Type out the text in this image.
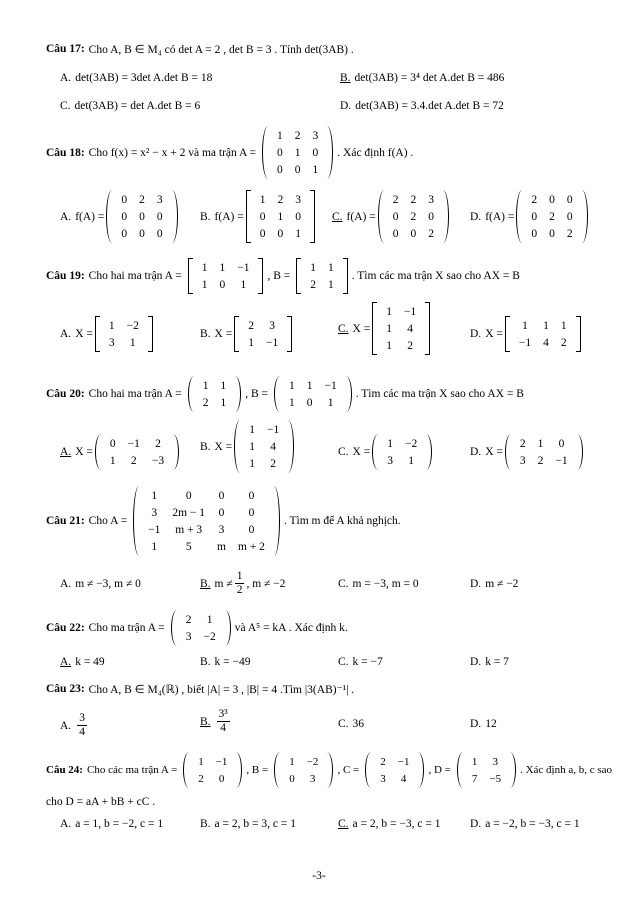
Câu 17: Cho A, B ∈ M₄ có det A = 2 , det B = 3 . Tính det(3AB) .
A. det(3AB) = 3det A.det B = 18	B. det(3AB) = 3⁴ det A.det B = 486
C. det(3AB) = det A.det B = 6	D. det(3AB) = 3.4.det A.det B = 72
Câu 18: Cho f(x) = x² − x + 2 và ma trận A =
1	2	3
0	1	0
0	0	1
. Xác định f(A) .
A. f(A) =
0	2	3
0	0	0
0	0	0
B. f(A) =
1	2	3
0	1	0
0	0	1
C. f(A) =
2	2	3
0	2	0
0	0	2
D. f(A) =
2	0	0
0	2	0
0	0	2
Câu 19: Cho hai ma trận A =
1	1	−1
1	0	1
, B =
1	1
2	1
. Tìm các ma trận X sao cho AX = B
A. X =
1	−2
3	1
B. X =
2	3
1	−1
C. X =
1	−1
1	4
1	2
D. X =
1	1	1
−1	4	2
Câu 20: Cho hai ma trận A =
1	1
2	1
, B =
1	1	−1
1	0	1
. Tìm các ma trận X sao cho AX = B
A. X =
0	−1	2
1	2	−3
B. X =
1	−1
1	4
1	2
C. X =
1	−2
3	1
D. X =
2	1	0
3	2	−1
Câu 21: Cho A =
1	0	0	0
3	2m − 1	0	0
−1	m + 3	3	0
1	5	m	m + 2
. Tìm m để A khả nghịch.
A. m ≠ −3, m ≠ 0	B. $m \ne \frac{1}{2}$ , m ≠ −2	C. m = −3, m = 0	D. m ≠ −2
Câu 22: Cho ma trận A =
2	1
3	−2
và A⁵ = kA . Xác định k.
A. k = 49	B. k = −49	C. k = −7	D. k = 7
Câu 23: Cho A, B ∈ M₄(ℝ) , biết |A| = 3 , |B| = 4 .Tìm |3(AB)⁻¹| .
A. $\frac{3}{4}$	B. $\frac{\text{3³}}{4}$	C. 36	D. 12
Câu 24: Cho các ma trận A =
1	−1
2	0
, B =
1	−2
0	3
, C =
2	−1
3	4
, D =
1	3
7	−5
. Xác định a, b, c sao
cho D = aA + bB + cC .
A. a = 1, b = −2, c = 1	B. a = 2, b = 3, c = 1	C. a = 2, b = −3, c = 1	D. a = −2, b = −3, c = 1
-3-
